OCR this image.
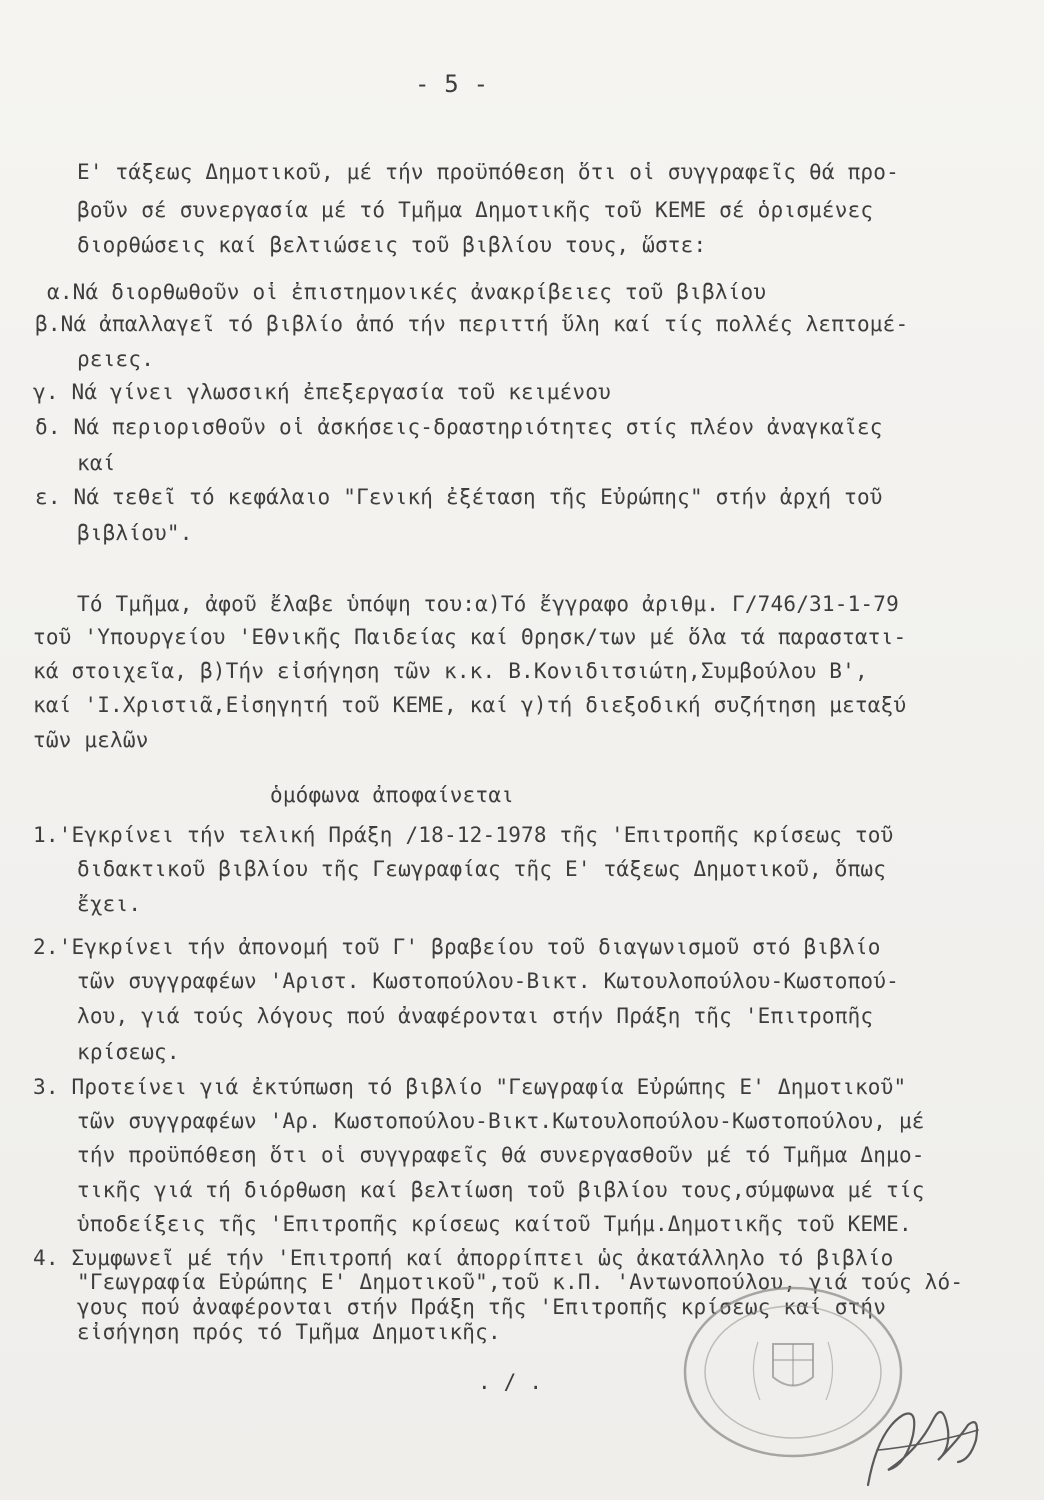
- 5 -
Ε' τάξεως Δημοτικοῦ, μέ τήν προϋπόθεση ὅτι οἱ συγγραφεῖς θά προ-
βοῦν σέ συνεργασία μέ τό Τμῆμα Δημοτικῆς τοῦ ΚΕΜΕ σέ ὁρισμένες
διορθώσεις καί βελτιώσεις τοῦ βιβλίου τους, ὥστε:
α.Νά διορθωθοῦν οἱ ἐπιστημονικές ἀνακρίβειες τοῦ βιβλίου
β.Νά ἀπαλλαγεῖ τό βιβλίο ἀπό τήν περιττή ὕλη καί τίς πολλές λεπτομέ-
ρειες.
γ. Νά γίνει γλωσσική ἐπεξεργασία τοῦ κειμένου
δ. Νά περιορισθοῦν οἱ ἀσκήσεις-δραστηριότητες στίς πλέον ἀναγκαῖες
καί
ε. Νά τεθεῖ τό κεφάλαιο "Γενική ἐξέταση τῆς Εὐρώπης" στήν ἀρχή τοῦ
βιβλίου".
Τό Τμῆμα, ἀφοῦ ἔλαβε ὑπόψη του:α)Τό ἔγγραφο ἀριθμ. Γ/746/31-1-79
τοῦ 'Υπουργείου 'Εθνικῆς Παιδείας καί Θρησκ/των μέ ὅλα τά παραστατι-
κά στοιχεῖα, β)Τήν εἰσήγηση τῶν κ.κ. Β.Κονιδιτσιώτη,Συμβούλου Β',
καί 'Ι.Χριστιᾶ,Εἰσηγητή τοῦ ΚΕΜΕ, καί γ)τή διεξοδική συζήτηση μεταξύ
τῶν μελῶν
ὁμόφωνα ἀποφαίνεται
1.'Εγκρίνει τήν τελική Πράξη /18-12-1978 τῆς 'Επιτροπῆς κρίσεως τοῦ
διδακτικοῦ βιβλίου τῆς Γεωγραφίας τῆς Ε' τάξεως Δημοτικοῦ, ὅπως
ἔχει.
2.'Εγκρίνει τήν ἀπονομή τοῦ Γ' βραβείου τοῦ διαγωνισμοῦ στό βιβλίο
τῶν συγγραφέων 'Αριστ. Κωστοπούλου-Βικτ. Κωτουλοπούλου-Κωστοπού-
λου, γιά τούς λόγους πού ἀναφέρονται στήν Πράξη τῆς 'Επιτροπῆς
κρίσεως.
3. Προτείνει γιά ἐκτύπωση τό βιβλίο "Γεωγραφία Εὐρώπης Ε' Δημοτικοῦ"
τῶν συγγραφέων 'Αρ. Κωστοπούλου-Βικτ.Κωτουλοπούλου-Κωστοπούλου, μέ
τήν προϋπόθεση ὅτι οἱ συγγραφεῖς θά συνεργασθοῦν μέ τό Τμῆμα Δημο-
τικῆς γιά τή διόρθωση καί βελτίωση τοῦ βιβλίου τους,σύμφωνα μέ τίς
ὑποδείξεις τῆς 'Επιτροπῆς κρίσεως καίτοῦ Τμήμ.Δημοτικῆς τοῦ ΚΕΜΕ.
4. Συμφωνεῖ μέ τήν 'Επιτροπή καί ἀπορρίπτει ὡς ἀκατάλληλο τό βιβλίο
"Γεωγραφία Εὐρώπης Ε' Δημοτικοῦ",τοῦ κ.Π. 'Αντωνοπούλου, γιά τούς λό-
γους πού ἀναφέρονται στήν Πράξη τῆς 'Επιτροπῆς κρίσεως καί στήν
εἰσήγηση πρός τό Τμῆμα Δημοτικῆς.
. / .
